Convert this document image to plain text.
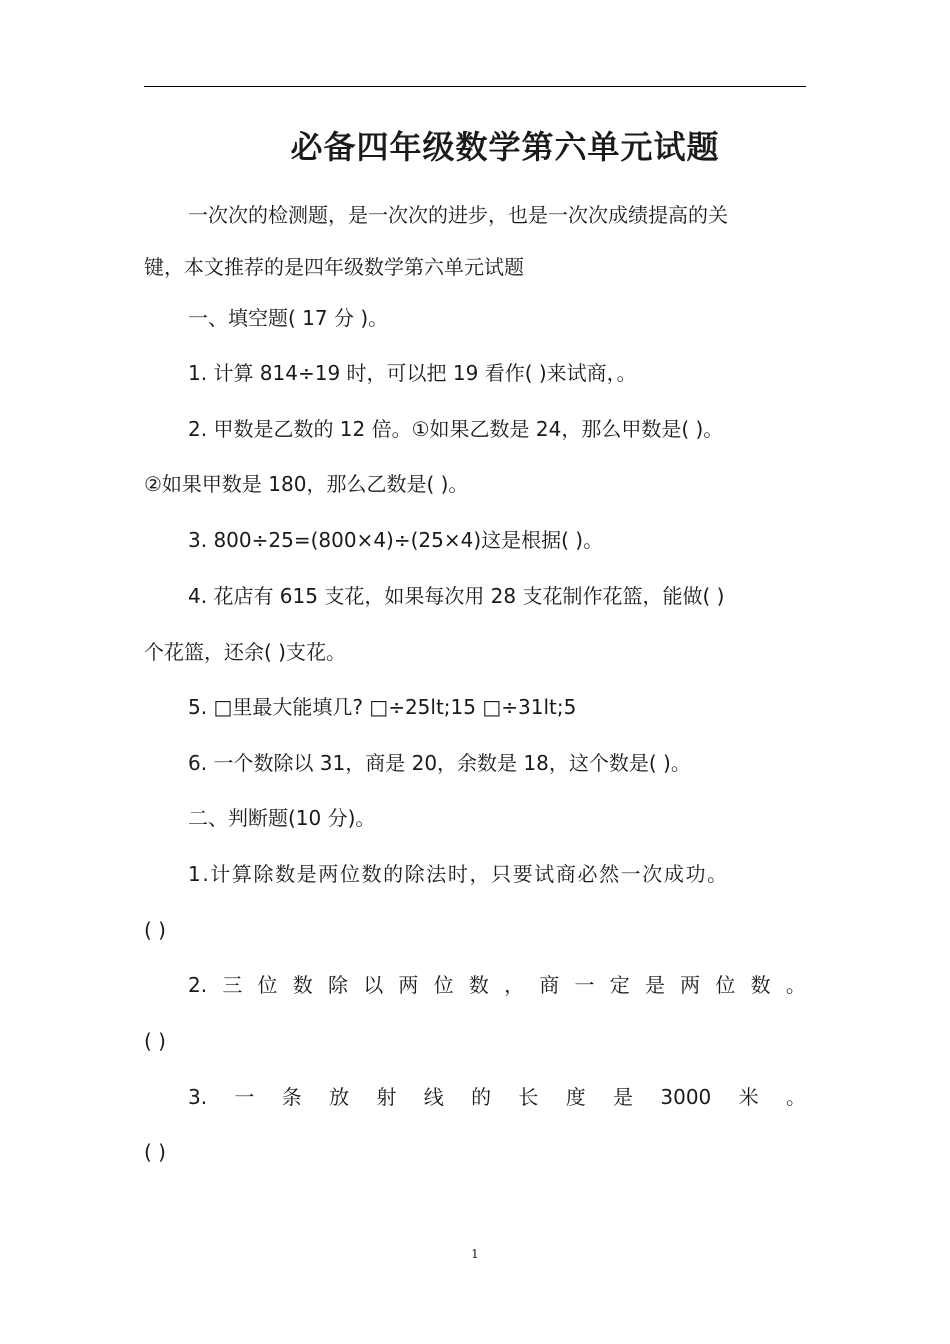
必备四年级数学第六单元试题
一次次的检测题，是一次次的进步，也是一次次成绩提高的关
键，本文推荐的是四年级数学第六单元试题
一、填空题( 17 分 )。
1. 计算 814÷19 时，可以把 19 看作( )来试商，。
2. 甲数是乙数的 12 倍。①如果乙数是 24，那么甲数是( )。
②如果甲数是 180，那么乙数是( )。
3. 800÷25=(800×4)÷(25×4)这是根据( )。
4. 花店有 615 支花，如果每次用 28 支花制作花篮，能做( )
个花篮，还余( )支花。
5. □里最大能填几? □÷25lt;15 □÷31lt;5
6. 一个数除以 31，商是 20，余数是 18，这个数是( )。
二、判断题(10 分)。
1.计算除数是两位数的除法时，只要试商必然一次成功。
( )
2. 三 位 数 除 以 两 位 数 ， 商 一 定 是 两 位 数 。
( )
3. 一 条 放 射 线 的 长 度 是 3000 米 。
( )
1
